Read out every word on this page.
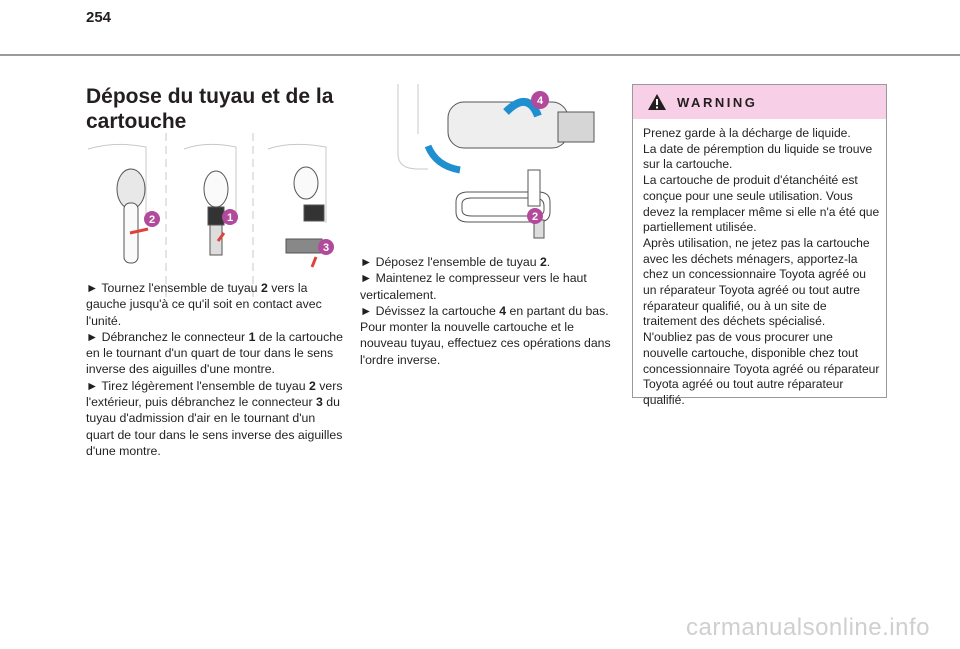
254
Dépose du tuyau et de la cartouche
2	1
3
4
2

► Tournez l'ensemble de tuyau 2 vers la gauche jusqu'à ce qu'il soit en contact avec l'unité.

► Débranchez le connecteur 1 de la cartouche en le tournant d'un quart de tour dans le sens inverse des aiguilles d'une montre.

► Tirez légèrement l'ensemble de tuyau 2 vers l'extérieur, puis débranchez le connecteur 3 du tuyau d'admission d'air en le tournant d'un quart de tour dans le sens inverse des aiguilles d'une montre.

► Déposez l'ensemble de tuyau 2.

► Maintenez le compresseur vers le haut verticalement.

► Dévissez la cartouche 4 en partant du bas.

Pour monter la nouvelle cartouche et le nouveau tuyau, effectuez ces opérations dans l'ordre inverse.

WARNING

Prenez garde à la décharge de liquide.

La date de péremption du liquide se trouve sur la cartouche.

La cartouche de produit d'étanchéité est conçue pour une seule utilisation. Vous devez la remplacer même si elle n'a été que partiellement utilisée.

Après utilisation, ne jetez pas la cartouche avec les déchets ménagers, apportez-la chez un concessionnaire Toyota agréé ou un réparateur Toyota agréé ou tout autre réparateur qualifié, ou à un site de traitement des déchets spécialisé.

N'oubliez pas de vous procurer une nouvelle cartouche, disponible chez tout concessionnaire Toyota agréé ou réparateur Toyota agréé ou tout autre réparateur qualifié.

carmanualsonline.info
